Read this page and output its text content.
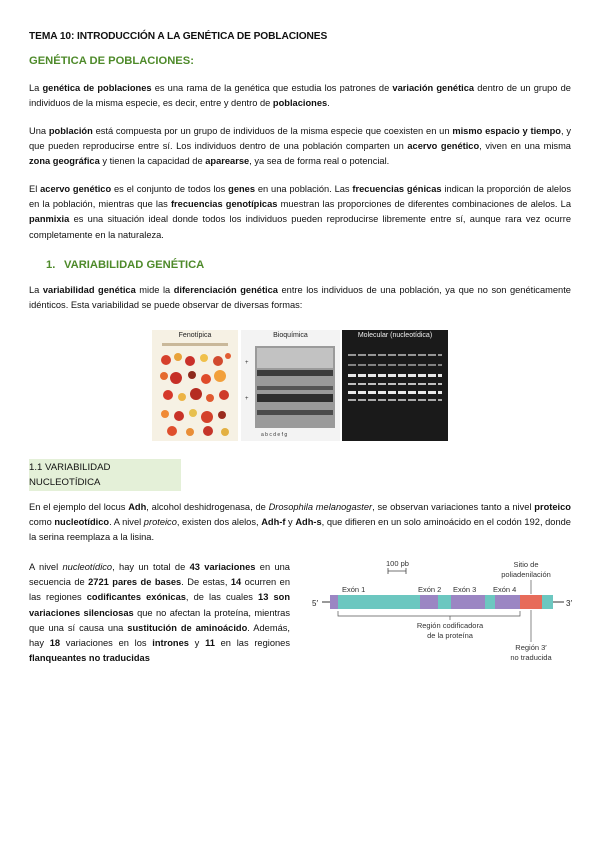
TEMA 10: INTRODUCCIÓN A LA GENÉTICA DE POBLACIONES
GENÉTICA DE POBLACIONES:
La genética de poblaciones es una rama de la genética que estudia los patrones de variación genética dentro de un grupo de individuos de la misma especie, es decir, entre y dentro de poblaciones.
Una población está compuesta por un grupo de individuos de la misma especie que coexisten en un mismo espacio y tiempo, y que pueden reproducirse entre sí. Los individuos dentro de una población comparten un acervo genético, viven en una misma zona geográfica y tienen la capacidad de aparearse, ya sea de forma real o potencial.
El acervo genético es el conjunto de todos los genes en una población. Las frecuencias génicas indican la proporción de alelos en la población, mientras que las frecuencias genotípicas muestran las proporciones de diferentes combinaciones de alelos. La panmixia es una situación ideal donde todos los individuos pueden reproducirse libremente entre sí, aunque rara vez ocurre completamente en la naturaleza.
1. VARIABILIDAD GENÉTICA
La variabilidad genética mide la diferenciación genética entre los individuos de una población, ya que no son genéticamente idénticos. Esta variabilidad se puede observar de diversas formas:
Fenotípica	Bioquímica
+
+
a b c d e f g
Molecular (nucleotídica)
1.1 VARIABILIDAD NUCLEOTÍDICA
En el ejemplo del locus Adh, alcohol deshidrogenasa, de Drosophila melanogaster, se observan variaciones tanto a nivel proteico como nucleotídico. A nivel proteico, existen dos alelos, Adh-f y Adh-s, que difieren en un solo aminoácido en el codón 192, donde la serina reemplaza a la lisina.
A nivel nucleotídico, hay un total de 43 variaciones en una secuencia de 2721 pares de bases. De estas, 14 ocurren en las regiones codificantes exónicas, de las cuales 13 son variaciones silenciosas que no afectan la proteína, mientras que una sí causa una sustitución de aminoácido. Además, hay 18 variaciones en los intrones y 11 en las regiones flanqueantes no traducidas
100 pb	Sitio de
poliadenilación
Exón 1	Exón 2 Exón 3 Exón 4
5′	3′
Región codificadora
de la proteína
Región 3′
no traducida
